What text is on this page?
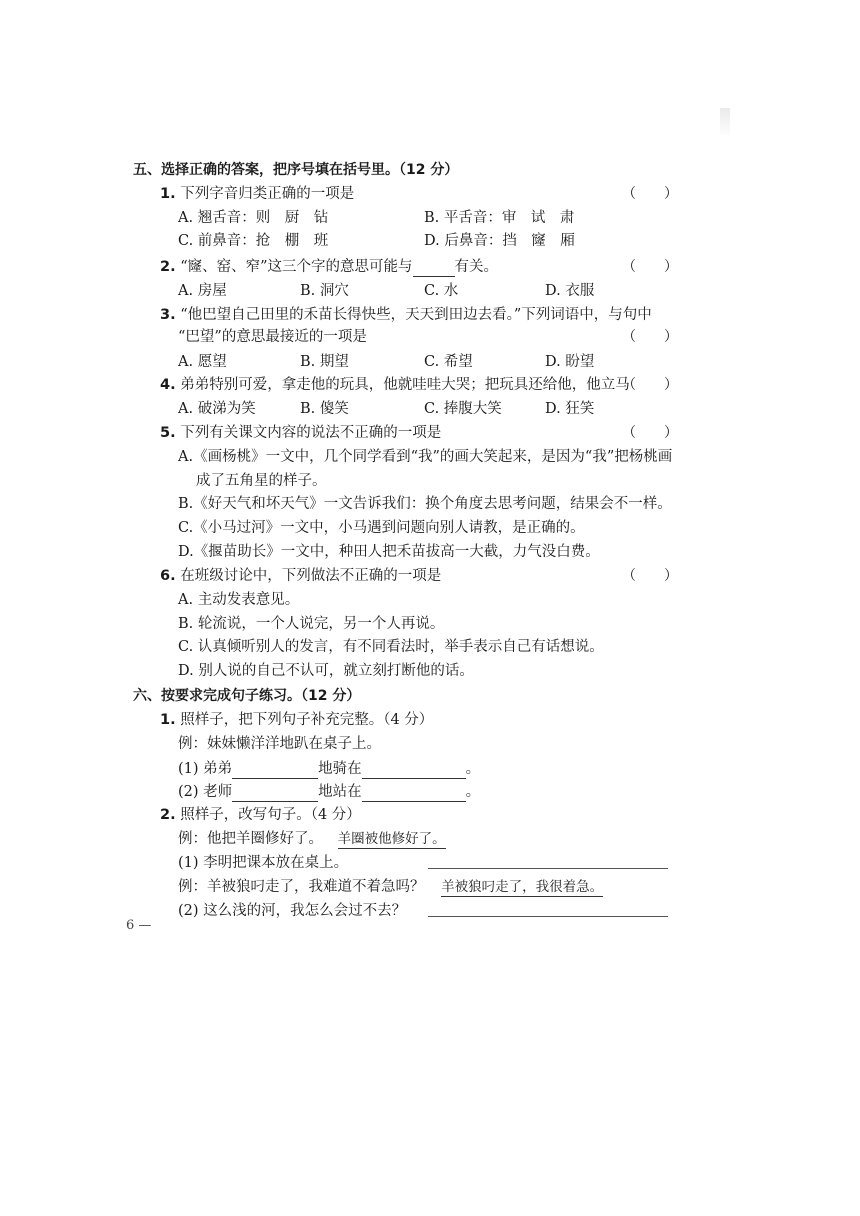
五、选择正确的答案，把序号填在括号里。（12 分）
1. 下列字音归类正确的一项是	（　　）
A. 翘舌音：则　厨　钻	B. 平舌音：审　试　肃
C. 前鼻音：抢　棚　班	D. 后鼻音：挡　窿　厢
2. “窿、窑、窄”这三个字的意思可能与	有关。	（　　）
A. 房屋	B. 洞穴	C. 水	D. 衣服
3. “他巴望自己田里的禾苗长得快些，天天到田边去看。”下列词语中，与句中
“巴望”的意思最接近的一项是	（　　）
A. 愿望	B. 期望	C. 希望	D. 盼望
4. 弟弟特别可爱，拿走他的玩具，他就哇哇大哭；把玩具还给他，他立马
（　　）
A. 破涕为笑	B. 傻笑	C. 捧腹大笑	D. 狂笑
5. 下列有关课文内容的说法不正确的一项是	（　　）
A.《画杨桃》一文中，几个同学看到“我”的画大笑起来，是因为“我”把杨桃画
成了五角星的样子。
B.《好天气和坏天气》一文告诉我们：换个角度去思考问题，结果会不一样。
C.《小马过河》一文中，小马遇到问题向别人请教，是正确的。
D.《揠苗助长》一文中，种田人把禾苗拔高一大截，力气没白费。
6. 在班级讨论中，下列做法不正确的一项是	（　　）
A. 主动发表意见。
B. 轮流说，一个人说完，另一个人再说。
C. 认真倾听别人的发言，有不同看法时，举手表示自己有话想说。
D. 别人说的自己不认可，就立刻打断他的话。
六、按要求完成句子练习。（12 分）
1. 照样子，把下列句子补充完整。（4 分）
例：妹妹懒洋洋地趴在桌子上。
(1) 弟弟	地骑在	。
(2) 老师	地站在	。
2. 照样子，改写句子。（4 分）
例：他把羊圈修好了。 羊圈被他修好了。
(1) 李明把课本放在桌上。
例：羊被狼叼走了，我难道不着急吗？ 羊被狼叼走了，我很着急。
(2) 这么浅的河，我怎么会过不去？
6 —
